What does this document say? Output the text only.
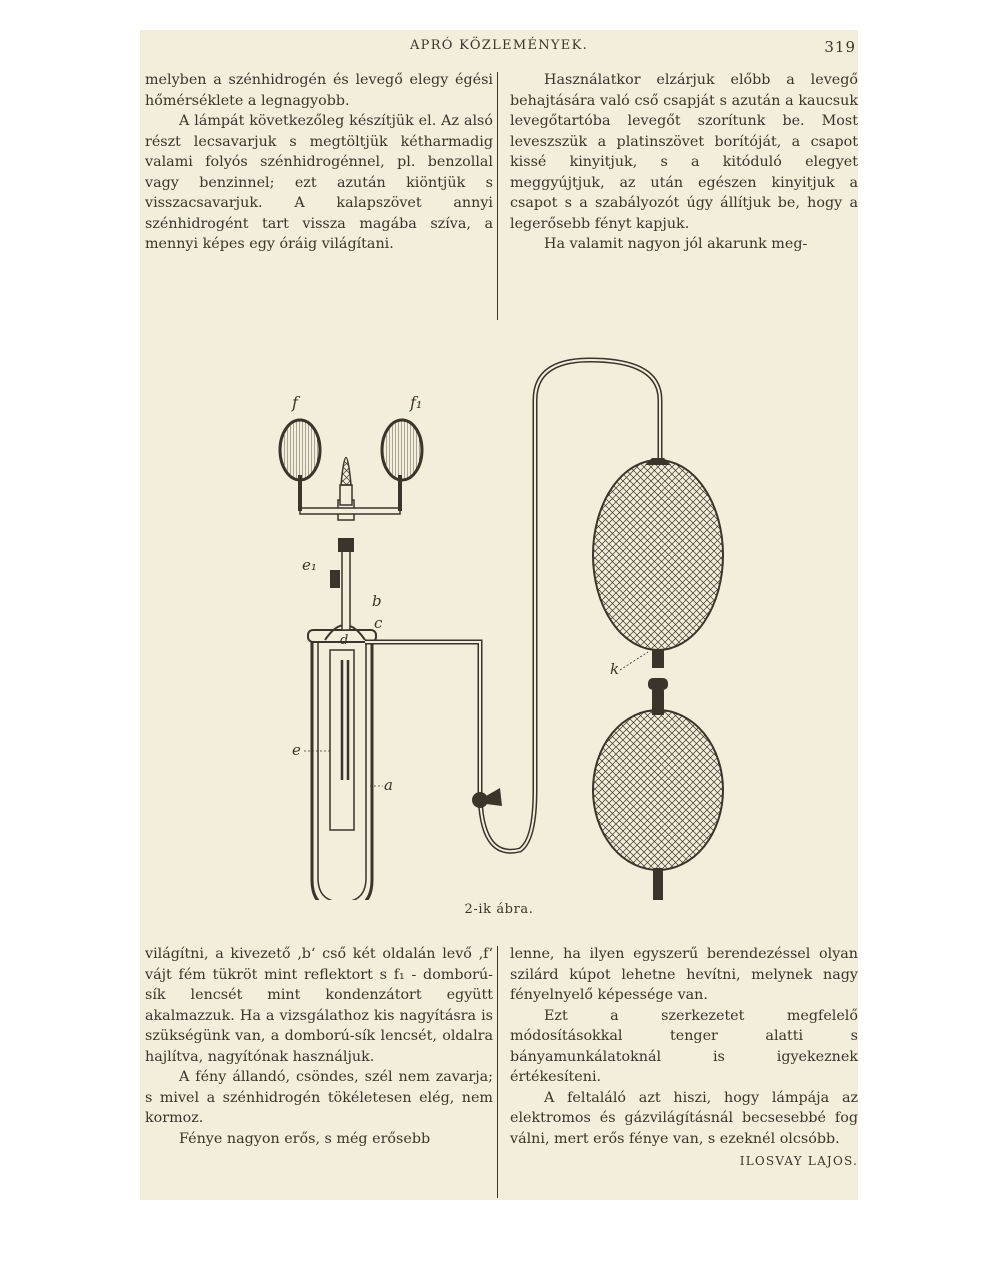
APRÓ KÖZLEMÉNYEK.	319

melyben a szénhidrogén és levegő elegy égési hőmérséklete a legnagyobb.

A lámpát következőleg készítjük el. Az alsó részt lecsavarjuk s megtöltjük kétharmadig valami folyós szénhidrogénnel, pl. benzollal vagy benzinnel; ezt azután kiöntjük s visszacsavarjuk. A kalapszövet annyi szénhidrogént tart vissza magába szíva, a mennyi képes egy óráig világítani.

Használatkor elzárjuk előbb a levegő behajtására való cső csapját s azután a kaucsuk levegőtartóba levegőt szorítunk be. Most leveszszük a platinszövet borítóját, a csapot kissé kinyitjuk, s a kitóduló elegyet meggyújtjuk, az után egészen kinyitjuk a csapot s a szabályozót úgy állítjuk be, hogy a legerősebb fényt kapjuk.

Ha valamit nagyon jól akarunk meg-

f	f₁
e₁
b
c
d
e
a
k
2-ik ábra.

világítni, a kivezető ‚b‘ cső két oldalán levő ‚f‘ vájt fém tükröt mint reflektort s f₁ - domború-sík lencsét mint kondenzátort együtt akalmazzuk. Ha a vizsgálathoz kis nagyításra is szükségünk van, a domború-sík lencsét, oldalra hajlítva, nagyítónak használjuk.

A fény állandó, csöndes, szél nem zavarja; s mivel a szénhidrogén tökéletesen elég, nem kormoz.

Fénye nagyon erős, s még erősebb

lenne, ha ilyen egyszerű berendezéssel olyan szilárd kúpot lehetne hevítni, melynek nagy fényelnyelő képessége van.

Ezt a szerkezetet megfelelő módosításokkal tenger alatti s bányamunkálatoknál is igyekeznek értékesíteni.

A feltaláló azt hiszi, hogy lámpája az elektromos és gázvilágításnál becsesebbé fog válni, mert erős fénye van, s ezeknél olcsóbb.

ILOSVAY LAJOS.
